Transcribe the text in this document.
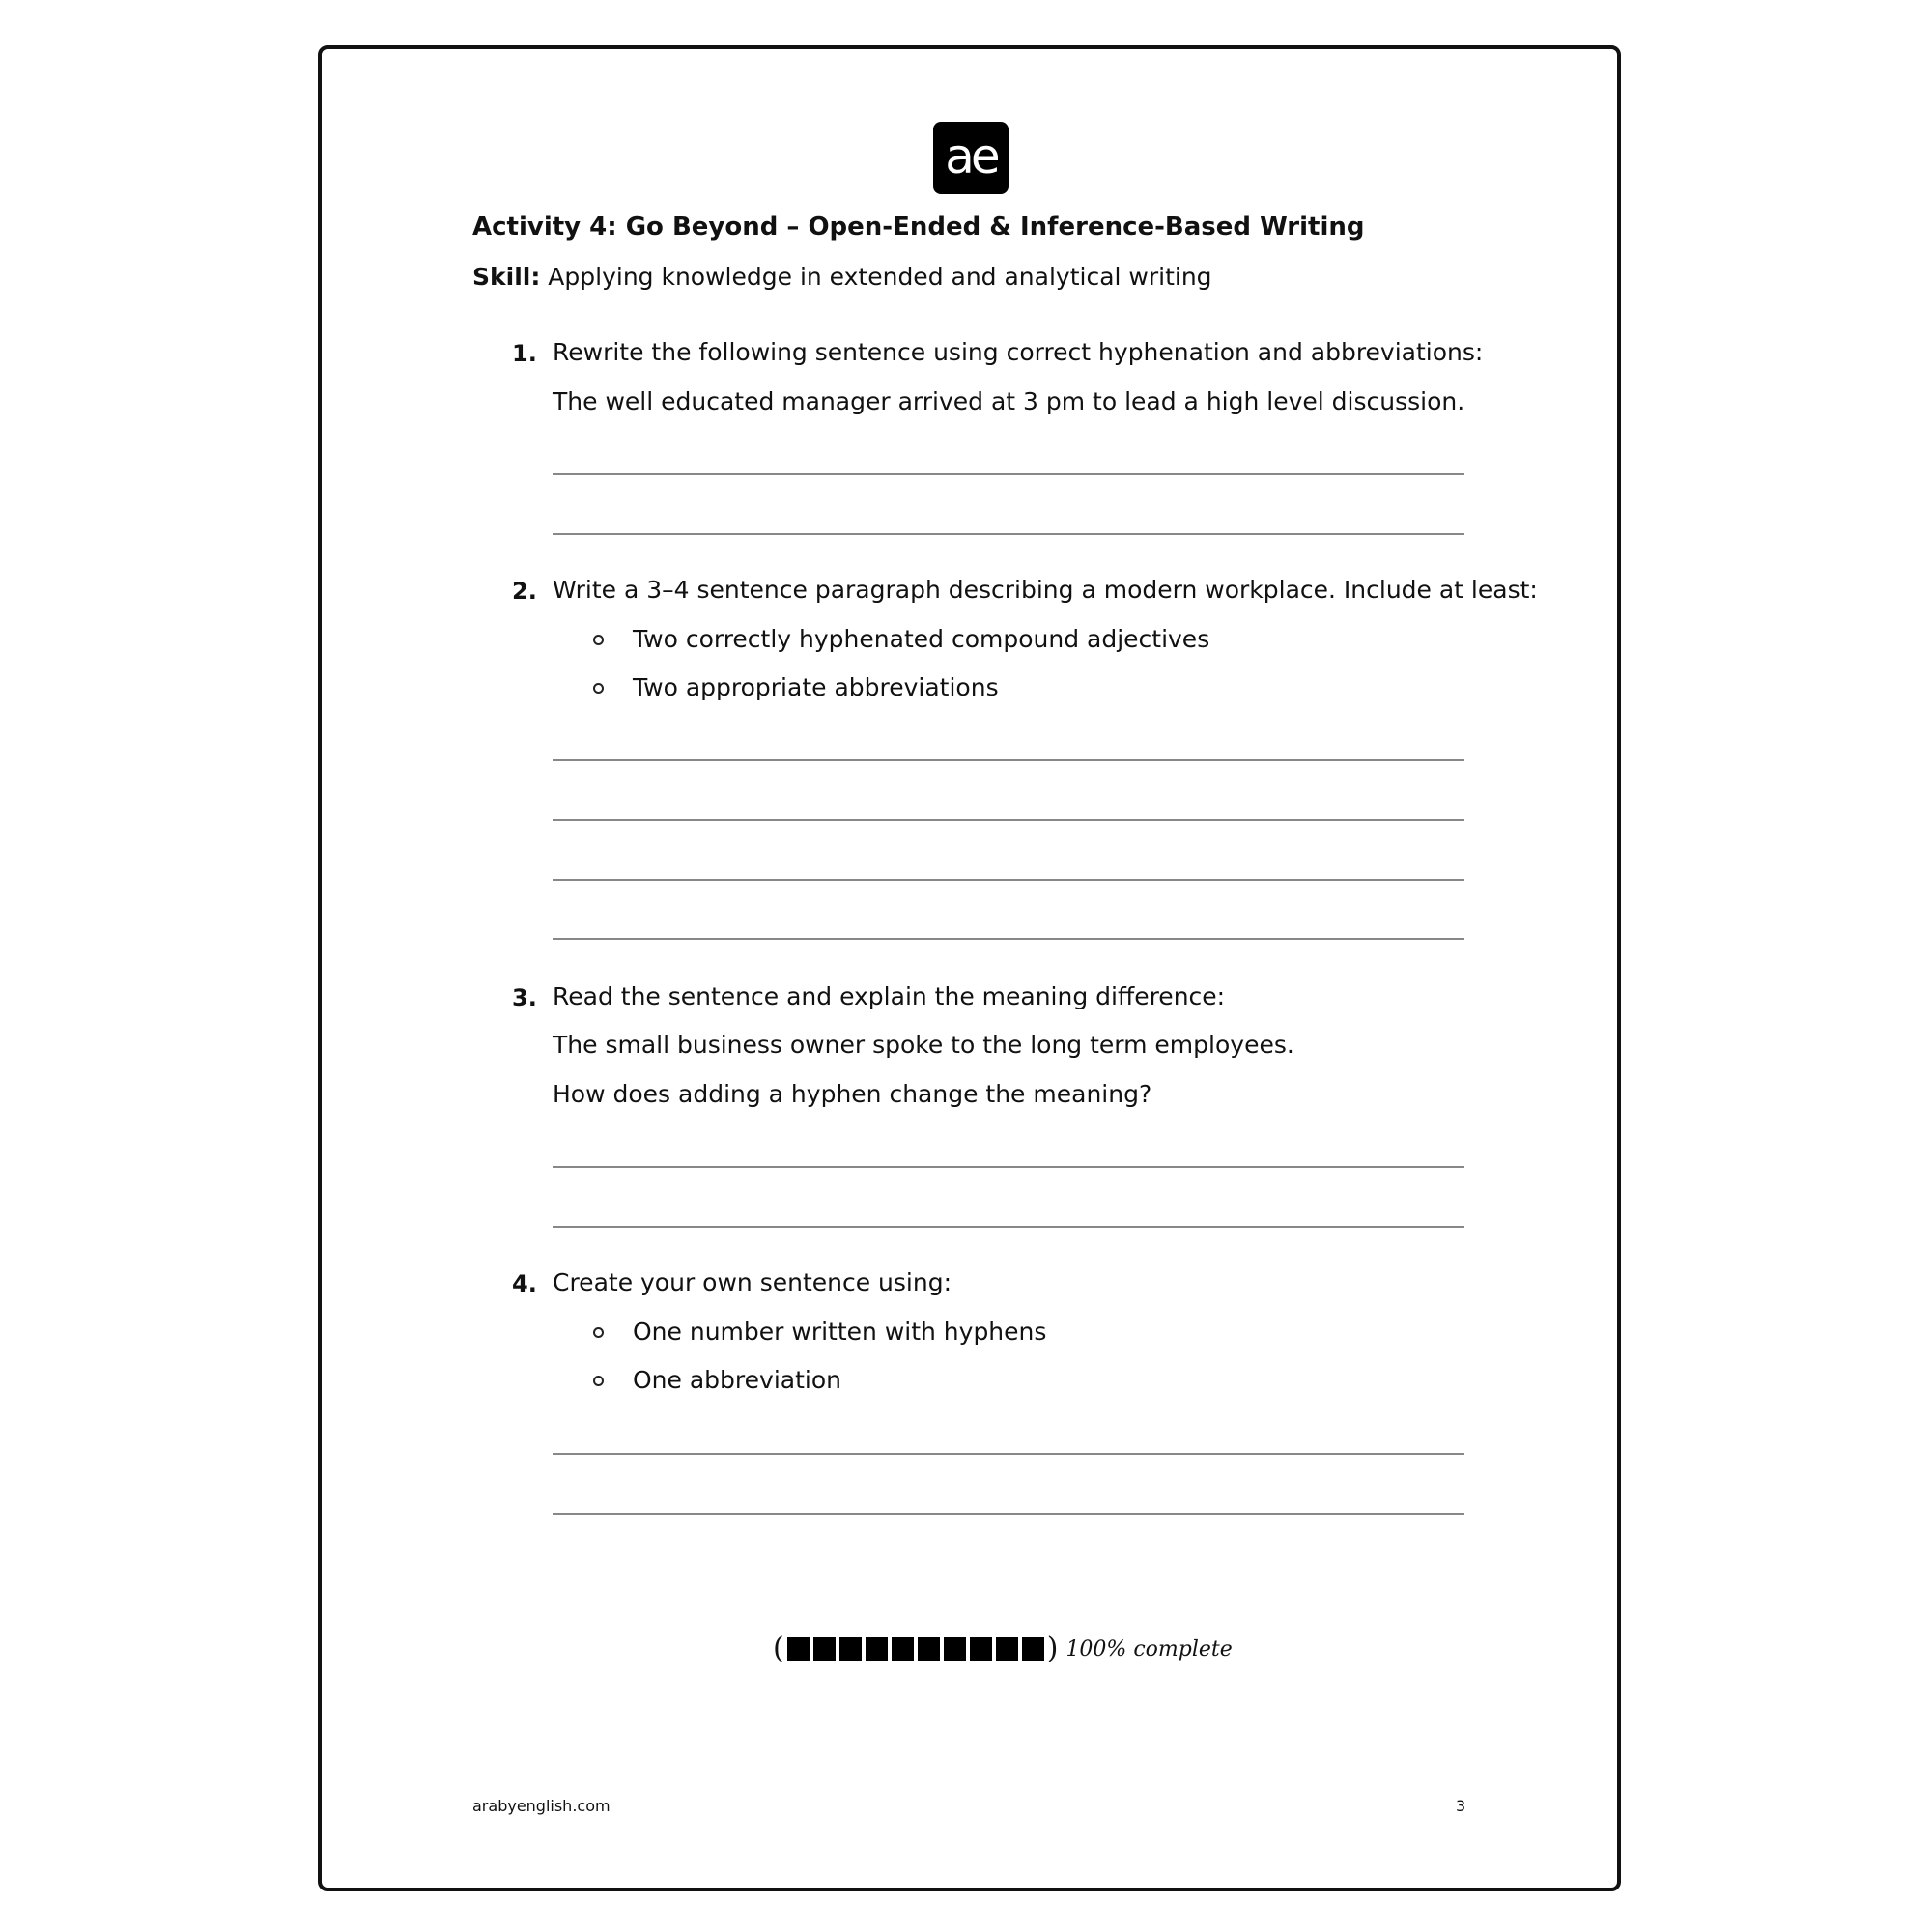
ae
Activity 4: Go Beyond – Open-Ended & Inference-Based Writing
Skill: Applying knowledge in extended and analytical writing
1. Rewrite the following sentence using correct hyphenation and abbreviations:
The well educated manager arrived at 3 pm to lead a high level discussion.
2. Write a 3–4 sentence paragraph describing a modern workplace. Include at least:
Two correctly hyphenated compound adjectives
Two appropriate abbreviations
3. Read the sentence and explain the meaning difference:
The small business owner spoke to the long term employees.
How does adding a hyphen change the meaning?
4. Create your own sentence using:
One number written with hyphens
One abbreviation
(	) 100% complete
arabyenglish.com	3
